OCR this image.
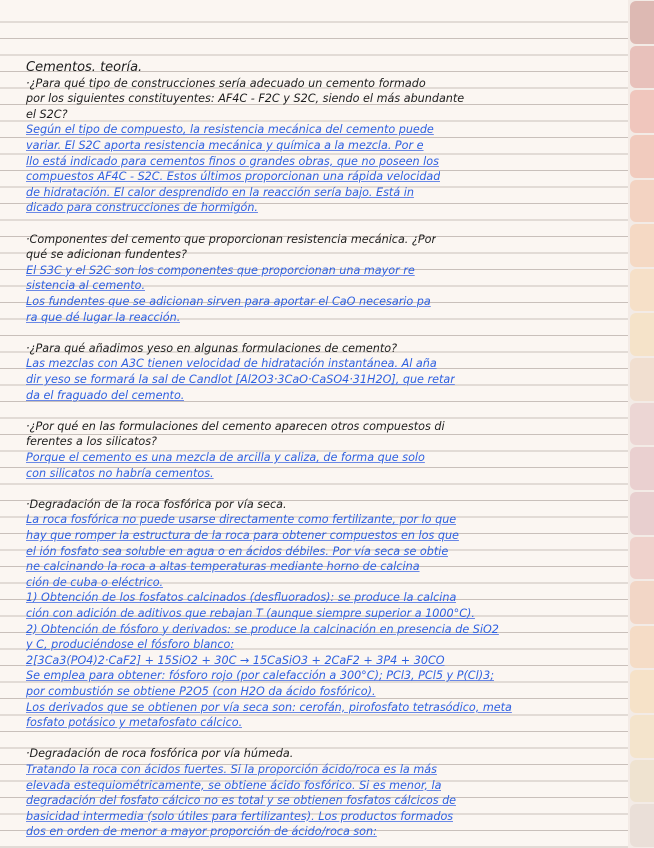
Cementos. teoría.
·¿Para qué tipo de construcciones sería adecuado un cemento formado
por los siguientes constituyentes: AF4C - F2C y S2C, siendo el más abundante
el S2C?
Según el tipo de compuesto, la resistencia mecánica del cemento puede
variar. El S2C aporta resistencia mecánica y química a la mezcla. Por e
llo está indicado para cementos finos o grandes obras, que no poseen los
compuestos AF4C - S2C. Estos últimos proporcionan una rápida velocidad
de hidratación. El calor desprendido en la reacción sería bajo. Está in
dicado para construcciones de hormigón.
·Componentes del cemento que proporcionan resistencia mecánica. ¿Por
qué se adicionan fundentes?
El S3C y el S2C son los componentes que proporcionan una mayor re
sistencia al cemento.
Los fundentes que se adicionan sirven para aportar el CaO necesario pa
ra que dé lugar la reacción.
·¿Para qué añadimos yeso en algunas formulaciones de cemento?
Las mezclas con A3C tienen velocidad de hidratación instantánea. Al aña
dir yeso se formará la sal de Candlot [Al2O3·3CaO·CaSO4·31H2O], que retar
da el fraguado del cemento.
·¿Por qué en las formulaciones del cemento aparecen otros compuestos di
ferentes a los silicatos?
Porque el cemento es una mezcla de arcilla y caliza, de forma que solo
con silicatos no habría cementos.
·Degradación de la roca fosfórica por vía seca.
La roca fosfórica no puede usarse directamente como fertilizante, por lo que
hay que romper la estructura de la roca para obtener compuestos en los que
el ión fosfato sea soluble en agua o en ácidos débiles. Por vía seca se obtie
ne calcinando la roca a altas temperaturas mediante horno de calcina
ción de cuba o eléctrico.
1) Obtención de los fosfatos calcinados (desfluorados): se produce la calcina
ción con adición de aditivos que rebajan T (aunque siempre superior a 1000°C).
2) Obtención de fósforo y derivados: se produce la calcinación en presencia de SiO2
y C, produciéndose el fósforo blanco:
2[3Ca3(PO4)2·CaF2] + 15SiO2 + 30C → 15CaSiO3 + 2CaF2 + 3P4 + 30CO
Se emplea para obtener: fósforo rojo (por calefacción a 300°C); PCl3, PCl5 y P(Cl)3;
por combustión se obtiene P2O5 (con H2O da ácido fosfórico).
Los derivados que se obtienen por vía seca son: cerofán, pirofosfato tetrasódico, meta
fosfato potásico y metafosfato cálcico.
·Degradación de roca fosfórica por vía húmeda.
Tratando la roca con ácidos fuertes. Si la proporción ácido/roca es la más
elevada estequiométricamente, se obtiene ácido fosfórico. Si es menor, la
degradación del fosfato cálcico no es total y se obtienen fosfatos cálcicos de
basicidad intermedia (solo útiles para fertilizantes). Los productos formados
dos en orden de menor a mayor proporción de ácido/roca son:
